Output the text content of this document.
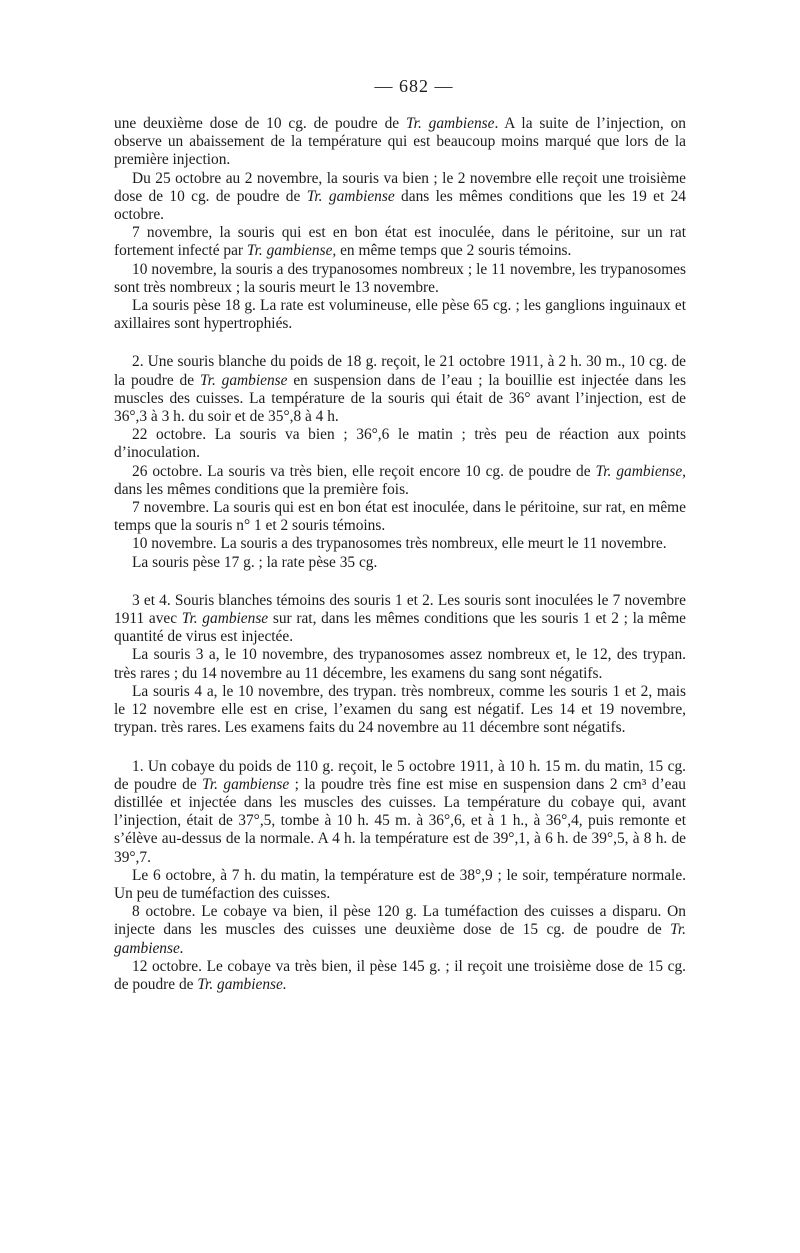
— 682 —

une deuxième dose de 10 cg. de poudre de Tr. gambiense. A la suite de l’injection, on observe un abaissement de la température qui est beaucoup moins marqué que lors de la première injection.

Du 25 octobre au 2 novembre, la souris va bien ; le 2 novembre elle reçoit une troisième dose de 10 cg. de poudre de Tr. gambiense dans les mêmes conditions que les 19 et 24 octobre.

7 novembre, la souris qui est en bon état est inoculée, dans le péritoine, sur un rat fortement infecté par Tr. gambiense, en même temps que 2 souris témoins.

10 novembre, la souris a des trypanosomes nombreux ; le 11 novembre, les trypanosomes sont très nombreux ; la souris meurt le 13 novembre.

La souris pèse 18 g. La rate est volumineuse, elle pèse 65 cg. ; les ganglions inguinaux et axillaires sont hypertrophiés.

2. Une souris blanche du poids de 18 g. reçoit, le 21 octobre 1911, à 2 h. 30 m., 10 cg. de la poudre de Tr. gambiense en suspension dans de l’eau ; la bouillie est injectée dans les muscles des cuisses. La température de la souris qui était de 36° avant l’injection, est de 36°,3 à 3 h. du soir et de 35°,8 à 4 h.

22 octobre. La souris va bien ; 36°,6 le matin ; très peu de réaction aux points d’inoculation.

26 octobre. La souris va très bien, elle reçoit encore 10 cg. de poudre de Tr. gambiense, dans les mêmes conditions que la première fois.

7 novembre. La souris qui est en bon état est inoculée, dans le péritoine, sur rat, en même temps que la souris n° 1 et 2 souris témoins.

10 novembre. La souris a des trypanosomes très nombreux, elle meurt le 11 novembre.

La souris pèse 17 g. ; la rate pèse 35 cg.

3 et 4. Souris blanches témoins des souris 1 et 2. Les souris sont inoculées le 7 novembre 1911 avec Tr. gambiense sur rat, dans les mêmes conditions que les souris 1 et 2 ; la même quantité de virus est injectée.

La souris 3 a, le 10 novembre, des trypanosomes assez nombreux et, le 12, des trypan. très rares ; du 14 novembre au 11 décembre, les examens du sang sont négatifs.

La souris 4 a, le 10 novembre, des trypan. très nombreux, comme les souris 1 et 2, mais le 12 novembre elle est en crise, l’examen du sang est négatif. Les 14 et 19 novembre, trypan. très rares. Les examens faits du 24 novembre au 11 décembre sont négatifs.

1. Un cobaye du poids de 110 g. reçoit, le 5 octobre 1911, à 10 h. 15 m. du matin, 15 cg. de poudre de Tr. gambiense ; la poudre très fine est mise en suspension dans 2 cm³ d’eau distillée et injectée dans les muscles des cuisses. La température du cobaye qui, avant l’injection, était de 37°,5, tombe à 10 h. 45 m. à 36°,6, et à 1 h., à 36°,4, puis remonte et s’élève au-dessus de la normale. A 4 h. la température est de 39°,1, à 6 h. de 39°,5, à 8 h. de 39°,7.

Le 6 octobre, à 7 h. du matin, la température est de 38°,9 ; le soir, température normale. Un peu de tuméfaction des cuisses.

8 octobre. Le cobaye va bien, il pèse 120 g. La tuméfaction des cuisses a disparu. On injecte dans les muscles des cuisses une deuxième dose de 15 cg. de poudre de Tr. gambiense.

12 octobre. Le cobaye va très bien, il pèse 145 g. ; il reçoit une troisième dose de 15 cg. de poudre de Tr. gambiense.
